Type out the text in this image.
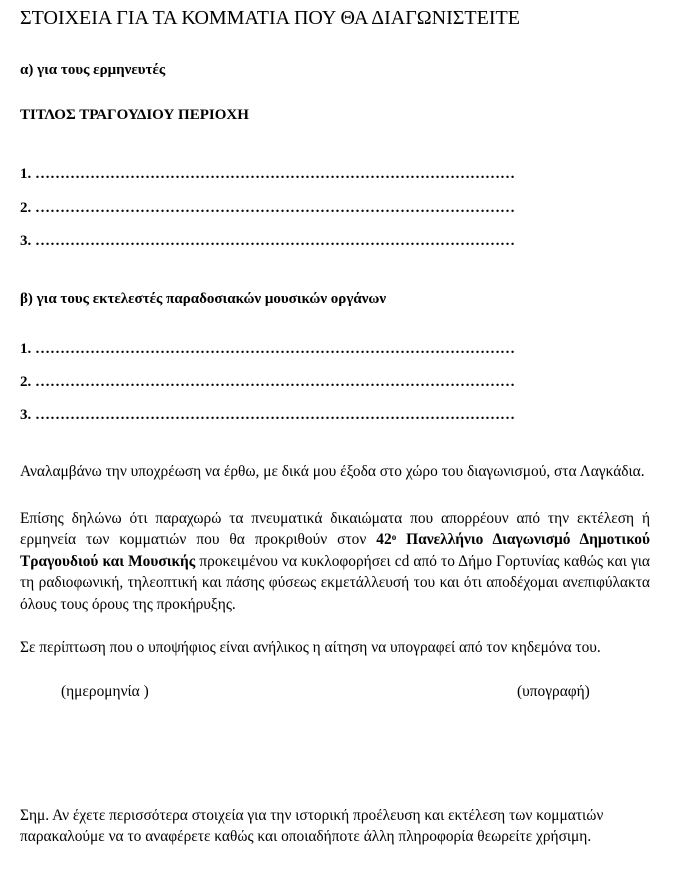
ΣΤΟΙΧΕΙΑ ΓΙΑ ΤΑ ΚΟΜΜΑΤΙΑ ΠΟΥ ΘΑ ΔΙΑΓΩΝΙΣΤΕΙΤΕ
α) για τους ερμηνευτές
ΤΙΤΛΟΣ ΤΡΑΓΟΥΔΙΟΥ ΠΕΡΙΟΧΗ
1. ……………………………………………………………………………………
2. ……………………………………………………………………………………
3. ……………………………………………………………………………………
β) για τους εκτελεστές παραδοσιακών μουσικών οργάνων
1. ……………………………………………………………………………………
2. ……………………………………………………………………………………
3. ……………………………………………………………………………………
Αναλαμβάνω την υποχρέωση να έρθω, με δικά μου έξοδα στο χώρο του διαγωνισμού, στα Λαγκάδια.
Επίσης δηλώνω ότι παραχωρώ τα πνευματικά δικαιώματα που απορρέουν από την εκτέλεση ή ερμηνεία των κομματιών που θα προκριθούν στον $42^o$ Πανελλήνιο Διαγωνισμό Δημοτικού Τραγουδιού και Μουσικής προκειμένου να κυκλοφορήσει cd από το Δήμο Γορτυνίας καθώς και για τη ραδιοφωνική, τηλεοπτική και πάσης φύσεως εκμετάλλευσή του και ότι αποδέχομαι ανεπιφύλακτα όλους τους όρους της προκήρυξης.
Σε περίπτωση που ο υποψήφιος είναι ανήλικος η αίτηση να υπογραφεί από τον κηδεμόνα του.
(ημερομηνία )	(υπογραφή)
Σημ. Αν έχετε περισσότερα στοιχεία για την ιστορική προέλευση και εκτέλεση των κομματιών παρακαλούμε να το αναφέρετε καθώς και οποιαδήποτε άλλη πληροφορία θεωρείτε χρήσιμη.
